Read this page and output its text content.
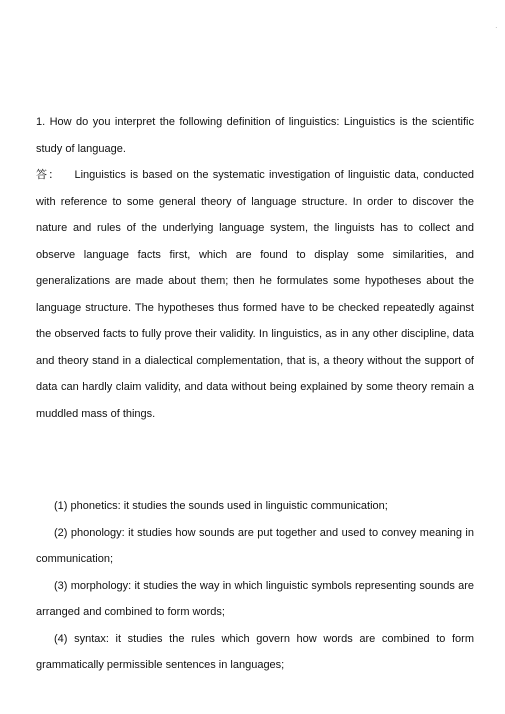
.

1. How do you interpret the following definition of linguistics: Linguistics is the scientific study of language.

答： Linguistics is based on the systematic investigation of linguistic data, conducted with reference to some general theory of language structure. In order to discover the nature and rules of the underlying language system, the linguists has to collect and observe language facts first, which are found to display some similarities, and generalizations are made about them; then he formulates some hypotheses about the language structure. The hypotheses thus formed have to be checked repeatedly against the observed facts to fully prove their validity. In linguistics, as in any other discipline, data and theory stand in a dialectical complementation, that is, a theory without the support of data can hardly claim validity, and data without being explained by some theory remain a muddled mass of things.

(1) phonetics: it studies the sounds used in linguistic communication;

(2) phonology: it studies how sounds are put together and used to convey meaning in communication;

(3) morphology: it studies the way in which linguistic symbols representing sounds are arranged and combined to form words;

(4) syntax: it studies the rules which govern how words are combined to form grammatically permissible sentences in languages;
